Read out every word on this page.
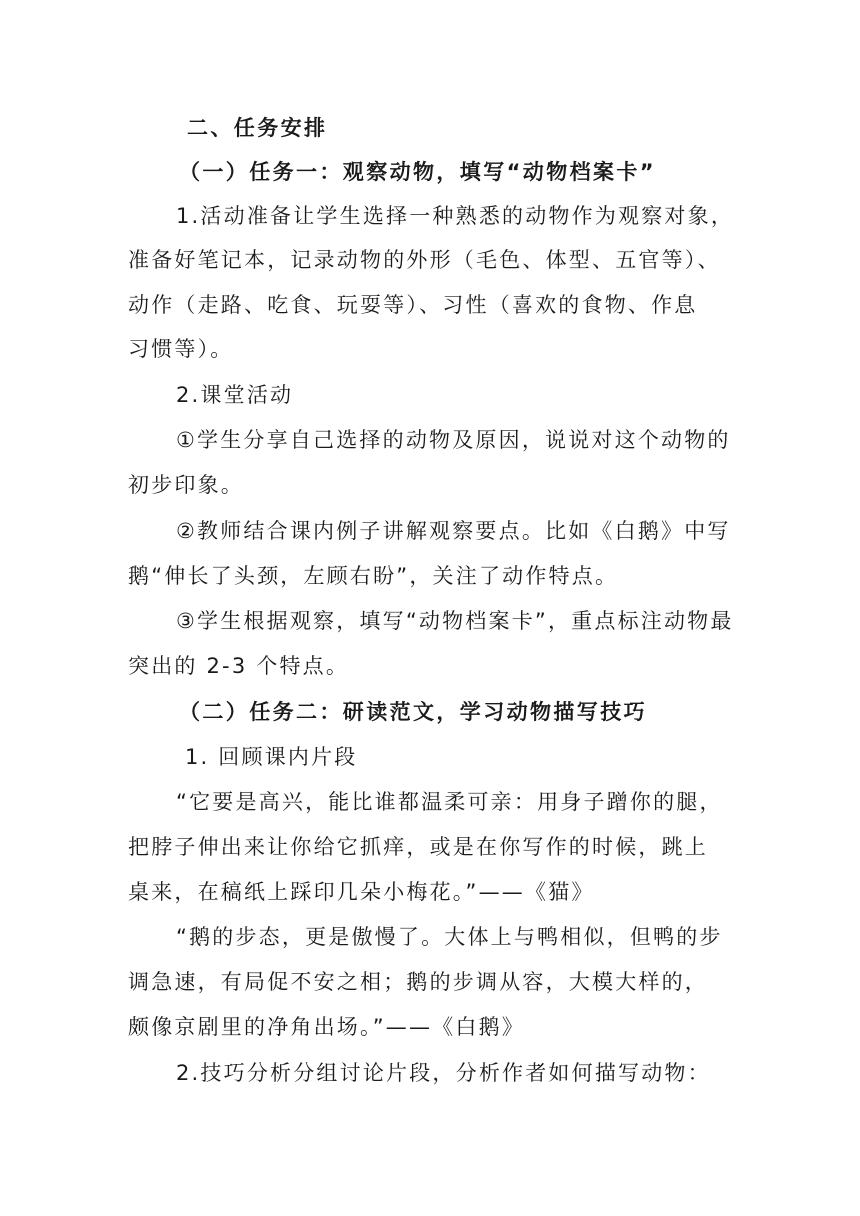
二、任务安排
（一）任务一：观察动物，填写“动物档案卡”
1.活动准备让学生选择一种熟悉的动物作为观察对象，
准备好笔记本，记录动物的外形（毛色、体型、五官等）、
动作（走路、吃食、玩耍等）、习性（喜欢的食物、作息
习惯等）。
2.课堂活动
①学生分享自己选择的动物及原因，说说对这个动物的
初步印象。
②教师结合课内例子讲解观察要点。比如《白鹅》中写
鹅“伸长了头颈，左顾右盼”，关注了动作特点。
③学生根据观察，填写“动物档案卡”，重点标注动物最
突出的 2-3 个特点。
（二）任务二：研读范文，学习动物描写技巧
1. 回顾课内片段
“它要是高兴，能比谁都温柔可亲：用身子蹭你的腿，
把脖子伸出来让你给它抓痒，或是在你写作的时候，跳上
桌来，在稿纸上踩印几朵小梅花。”——《猫》
“鹅的步态，更是傲慢了。大体上与鸭相似，但鸭的步
调急速，有局促不安之相；鹅的步调从容，大模大样的，
颇像京剧里的净角出场。”——《白鹅》
2.技巧分析分组讨论片段，分析作者如何描写动物：
